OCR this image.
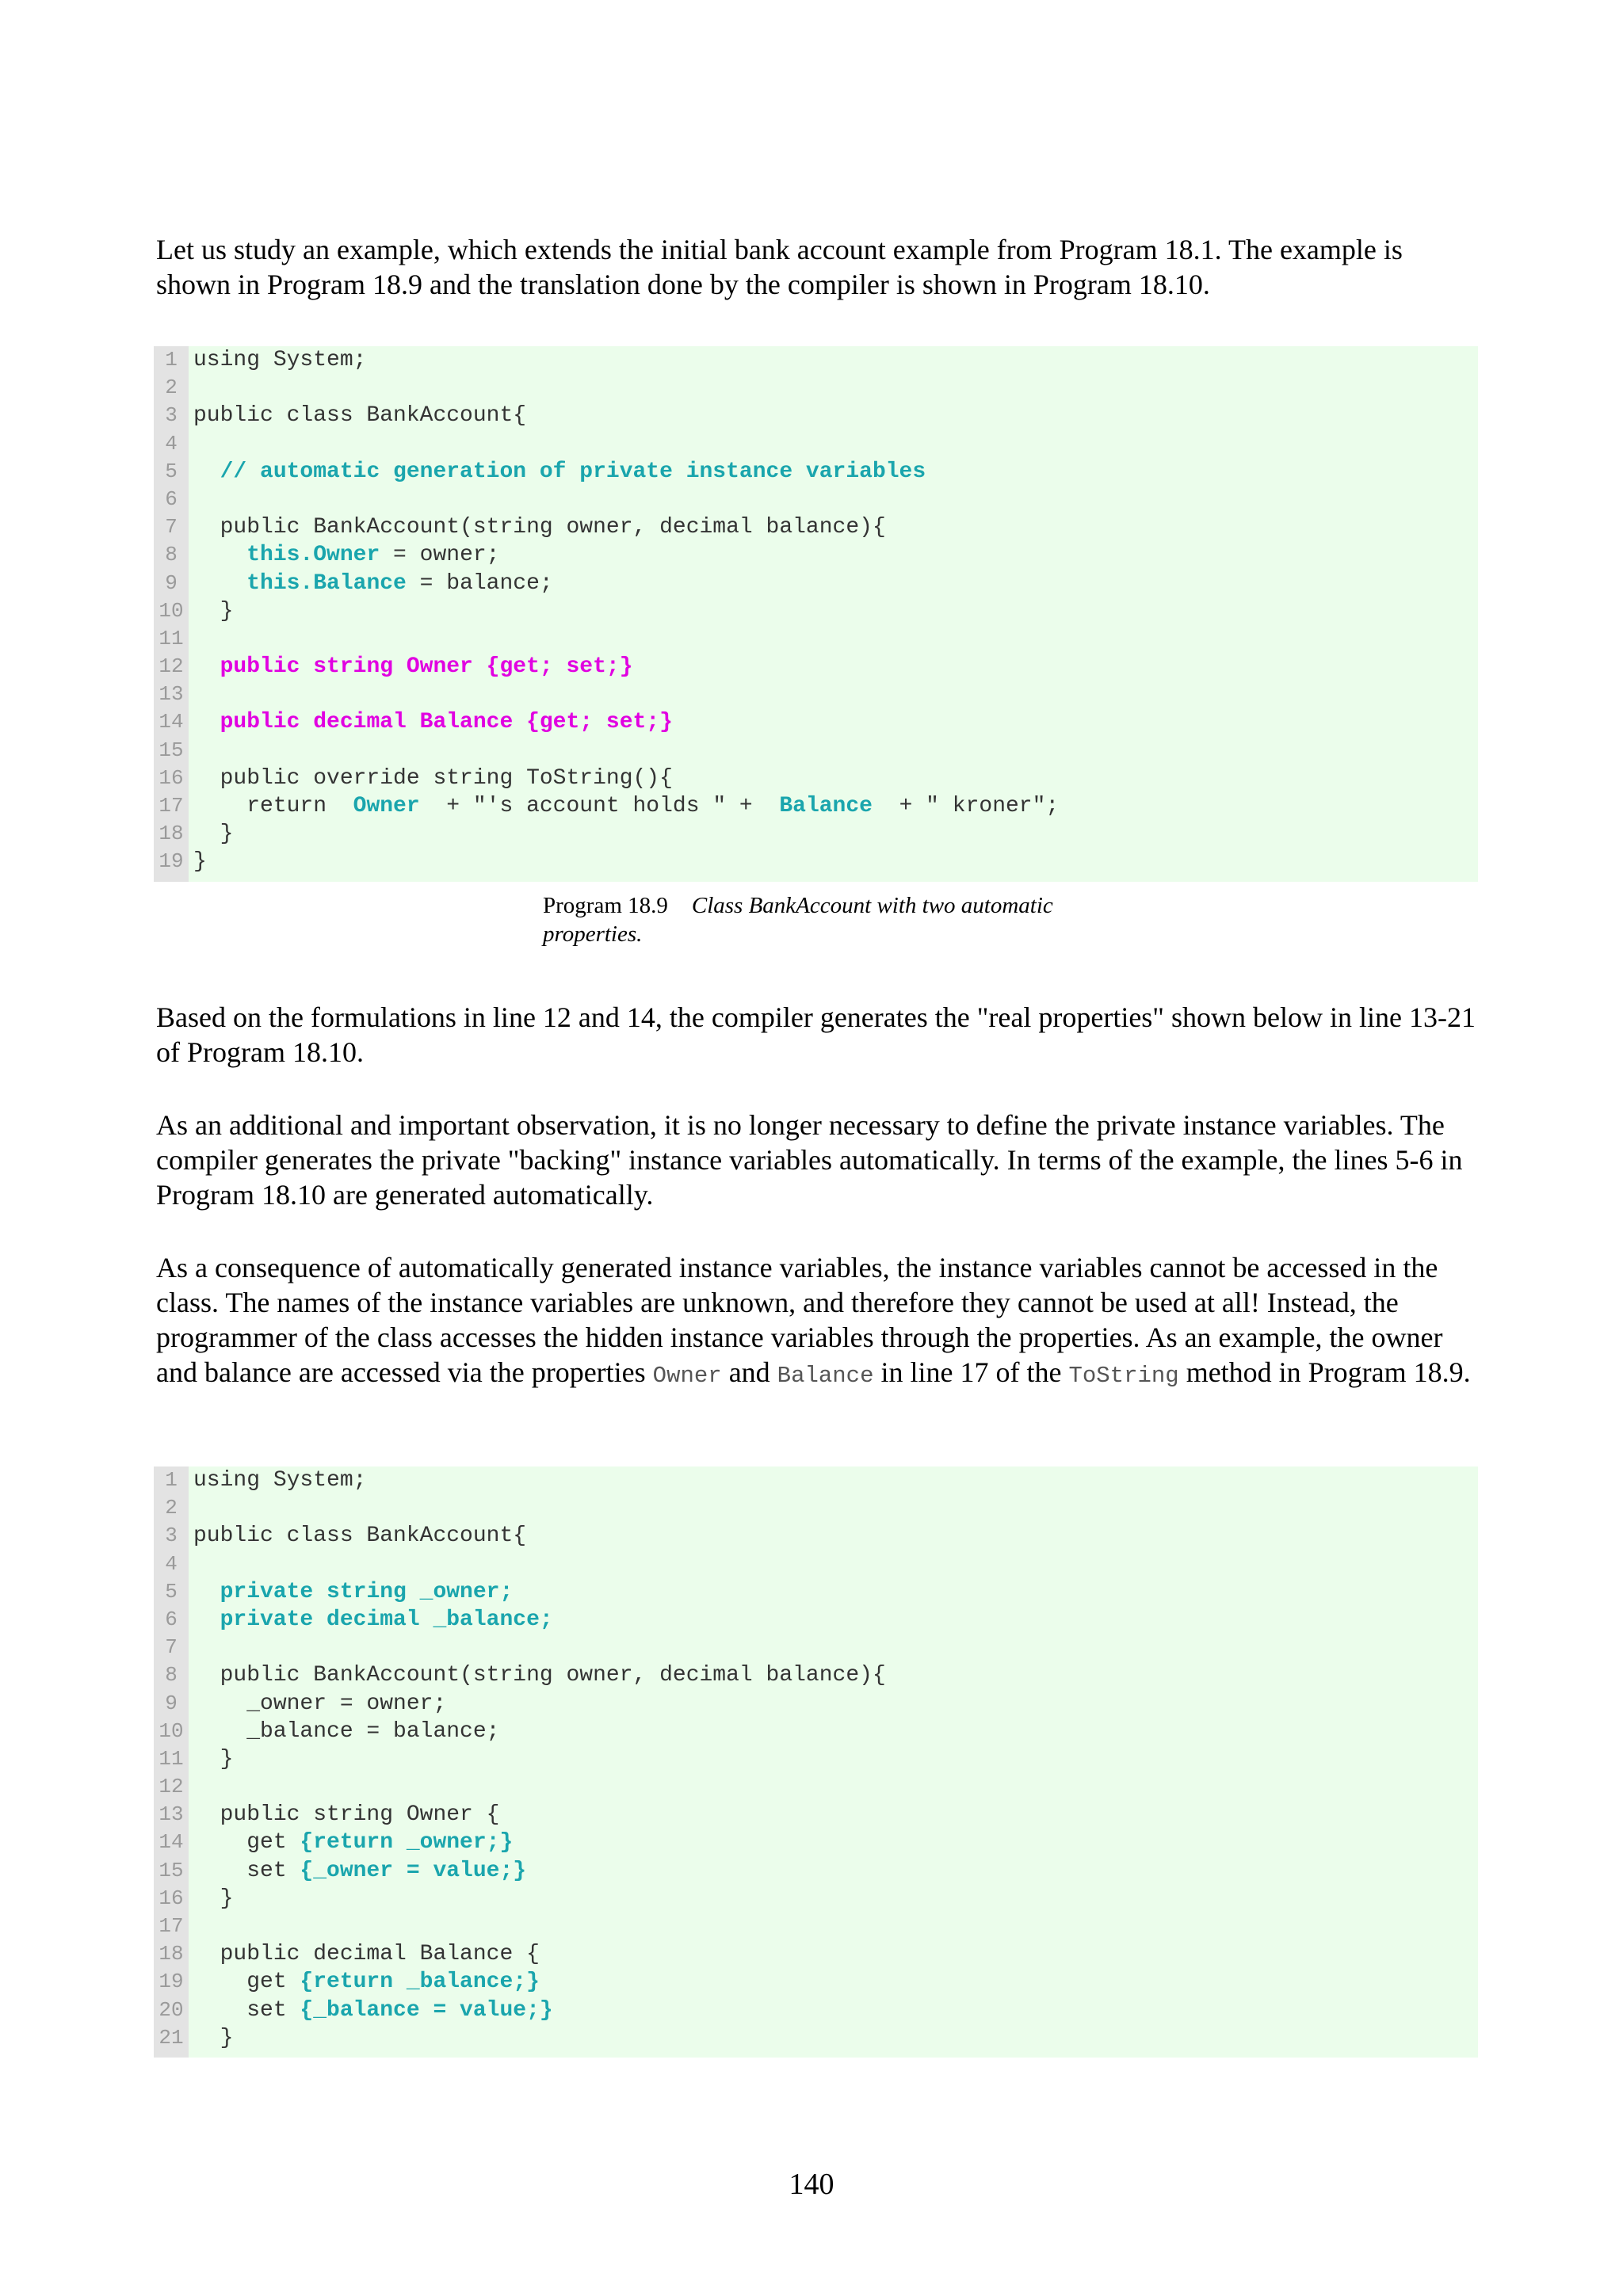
Let us study an example, which extends the initial bank account example from Program 18.1. The example is shown in Program 18.9 and the translation done by the compiler is shown in Program 18.10.

1 using System;
2
3 public class BankAccount{
4
5	// automatic generation of private instance variables
6
7 public BankAccount(string owner, decimal balance){
8	this.Owner = owner;
9	this.Balance = balance;
10 }
11
12	public string Owner {get; set;}
13
14	public decimal Balance {get; set;}
15
16 public override string ToString(){
17 return  Owner  + "'s account holds " +  Balance  + " kroner";
18 }
19 }
Program 18.9 Class BankAccount with two automatic properties.

Based on the formulations in line 12 and 14, the compiler generates the "real properties" shown below in line 13-21 of Program 18.10.

As an additional and important observation, it is no longer necessary to define the private instance variables. The compiler generates the private "backing" instance variables automatically. In terms of the example, the lines 5-6 in Program 18.10 are generated automatically.

As a consequence of automatically generated instance variables, the instance variables cannot be accessed in the class. The names of the instance variables are unknown, and therefore they cannot be used at all! Instead, the programmer of the class accesses the hidden instance variables through the properties. As an example, the owner and balance are accessed via the properties Owner and Balance in line 17 of the ToString method in Program 18.9.

1 using System;
2
3 public class BankAccount{
4
5	private string _owner;
6	private decimal _balance;
7
8 public BankAccount(string owner, decimal balance){
9 _owner = owner;
10 _balance = balance;
11 }
12
13 public string Owner {
14 get {return _owner;}
15 set {_owner = value;}
16 }
17
18 public decimal Balance {
19 get {return _balance;}
20 set {_balance = value;}
21 }
140
